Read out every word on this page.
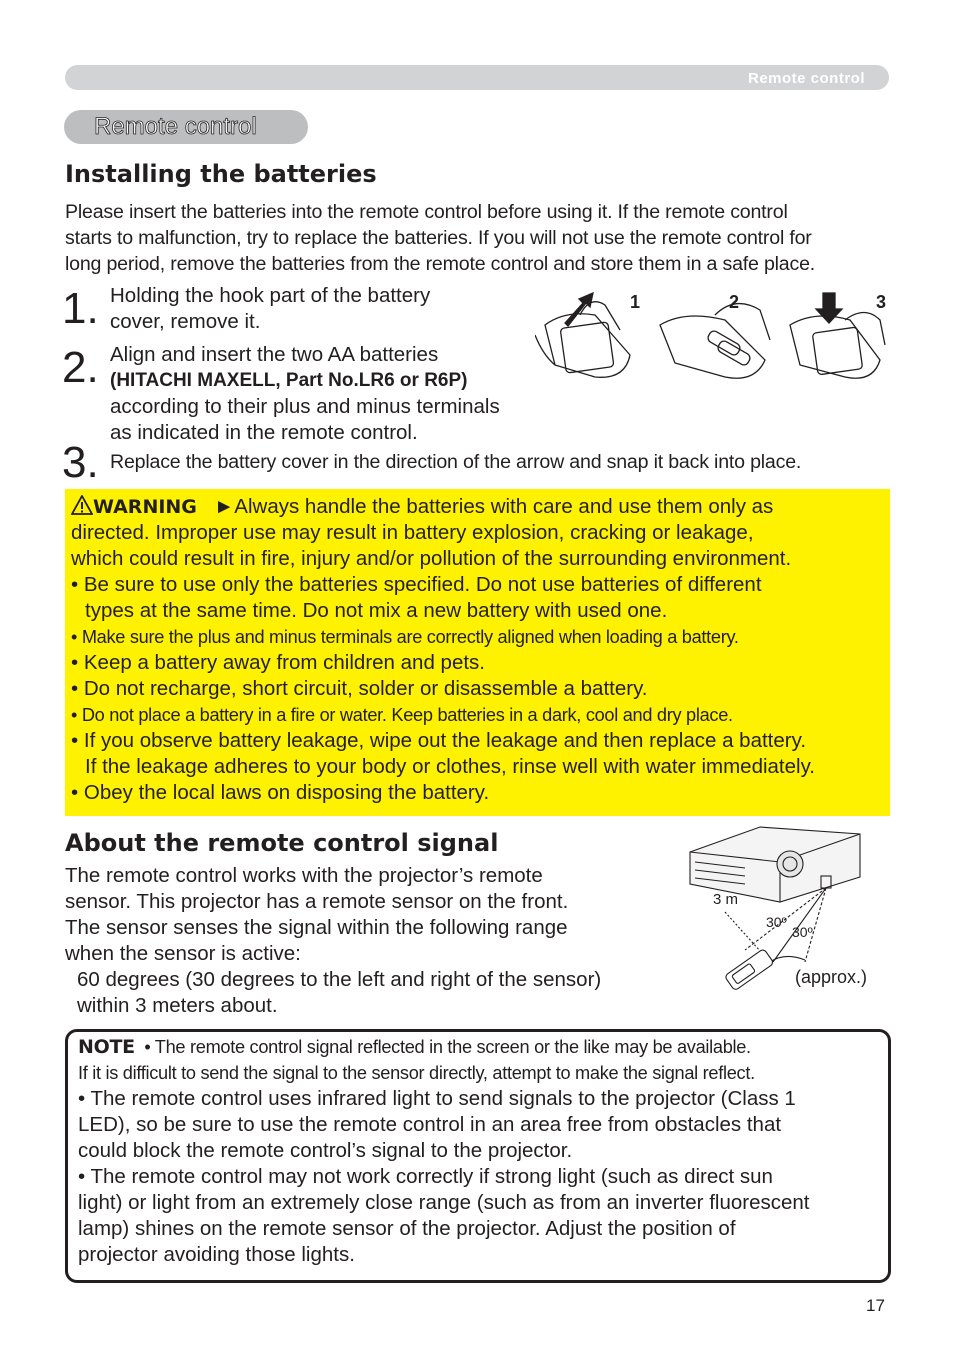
Remote control
Remote control
Installing the batteries
Please insert the batteries into the remote control before using it. If the remote control
starts to malfunction, try to replace the batteries. If you will not use the remote control for
long period, remove the batteries from the remote control and store them in a safe place.
1. Holding the hook part of the battery
cover, remove it.
2. Align and insert the two AA batteries
(HITACHI MAXELL, Part No.LR6 or R6P)
according to their plus and minus terminals
as indicated in the remote control.
3. Replace the battery cover in the direction of the arrow and snap it back into place.
1	2	3
WARNING ►Always handle the batteries with care and use them only as
directed. Improper use may result in battery explosion, cracking or leakage,
which could result in fire, injury and/or pollution of the surrounding environment.
• Be sure to use only the batteries specified. Do not use batteries of different
types at the same time. Do not mix a new battery with used one.
• Make sure the plus and minus terminals are correctly aligned when loading a battery.
• Keep a battery away from children and pets.
• Do not recharge, short circuit, solder or disassemble a battery.
• Do not place a battery in a fire or water. Keep batteries in a dark, cool and dry place.
• If you observe battery leakage, wipe out the leakage and then replace a battery.
If the leakage adheres to your body or clothes, rinse well with water immediately.
• Obey the local laws on disposing the battery.
About the remote control signal
The remote control works with the projector’s remote
sensor. This projector has a remote sensor on the front.
The sensor senses the signal within the following range
when the sensor is active:
60 degrees (30 degrees to the left and right of the sensor)
within 3 meters about.
3 m
30º
30º
(approx.)
NOTE • The remote control signal reflected in the screen or the like may be available.
If it is difficult to send the signal to the sensor directly, attempt to make the signal reflect.
• The remote control uses infrared light to send signals to the projector (Class 1
LED), so be sure to use the remote control in an area free from obstacles that
could block the remote control’s signal to the projector.
• The remote control may not work correctly if strong light (such as direct sun
light) or light from an extremely close range (such as from an inverter fluorescent
lamp) shines on the remote sensor of the projector. Adjust the position of
projector avoiding those lights.
17
